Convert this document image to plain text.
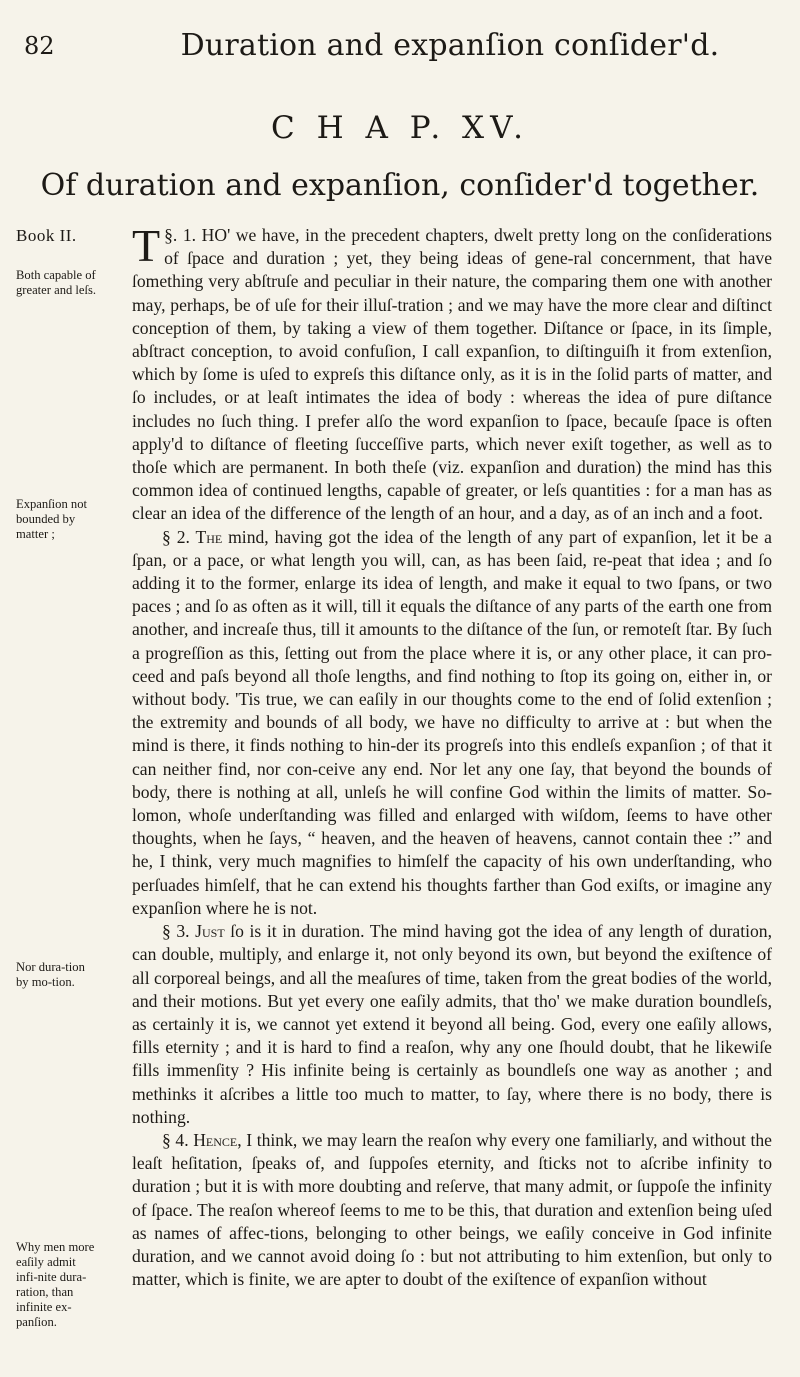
82	Duration and expanſion conſider'd.
C H A P. XV.
Of duration and expanſion, conſider'd together.
Book II.
Both capable of greater and leſs.
Expanſion not bounded by matter ;
Nor dura-tion by mo-tion.
Why men more eaſily admit infi-nite dura-ration, than infinite ex-panſion.

§. 1.
T HO' we have, in the precedent chapters, dwelt pretty long on the conſiderations of ſpace and duration ; yet, they being ideas of gene-ral concernment, that have ſomething very abſtruſe and peculiar in their nature, the comparing them one with another may, perhaps, be of uſe for their illuſ-tration ; and we may have the more clear and diſtinct conception of them, by taking a view of them together. Diſtance or ſpace, in its ſimple, abſtract conception, to avoid confuſion, I call expanſion, to diſtinguiſh it from extenſion, which by ſome is uſed to expreſs this diſtance only, as it is in the ſolid parts of matter, and ſo includes, or at leaſt intimates the idea of body : whereas the idea of pure diſtance includes no ſuch thing. I prefer alſo the word expanſion to ſpace, becauſe ſpace is often apply'd to diſtance of fleeting ſucceſſive parts, which never exiſt together, as well as to thoſe which are permanent. In both theſe (viz. expanſion and duration) the mind has this common idea of continued lengths, capable of greater, or leſs quantities : for a man has as clear an idea of the difference of the length of an hour, and a day, as of an inch and a foot.

§ 2. The mind, having got the idea of the length of any part of expanſion, let it be a ſpan, or a pace, or what length you will, can, as has been ſaid, re-peat that idea ; and ſo adding it to the former, enlarge its idea of length, and make it equal to two ſpans, or two paces ; and ſo as often as it will, till it equals the diſtance of any parts of the earth one from another, and increaſe thus, till it amounts to the diſtance of the ſun, or remoteſt ſtar. By ſuch a progreſſion as this, ſetting out from the place where it is, or any other place, it can pro-ceed and paſs beyond all thoſe lengths, and find nothing to ſtop its going on, either in, or without body. 'Tis true, we can eaſily in our thoughts come to the end of ſolid extenſion ; the extremity and bounds of all body, we have no difficulty to arrive at : but when the mind is there, it finds nothing to hin-der its progreſs into this endleſs expanſion ; of that it can neither find, nor con-ceive any end. Nor let any one ſay, that beyond the bounds of body, there is nothing at all, unleſs he will confine God within the limits of matter. So-lomon, whoſe underſtanding was filled and enlarged with wiſdom, ſeems to have other thoughts, when he ſays, “ heaven, and the heaven of heavens, cannot contain thee :” and he, I think, very much magnifies to himſelf the capacity of his own underſtanding, who perſuades himſelf, that he can extend his thoughts farther than God exiſts, or imagine any expanſion where he is not.

§ 3. Just ſo is it in duration. The mind having got the idea of any length of duration, can double, multiply, and enlarge it, not only beyond its own, but beyond the exiſtence of all corporeal beings, and all the meaſures of time, taken from the great bodies of the world, and their motions. But yet every one eaſily admits, that tho' we make duration boundleſs, as certainly it is, we cannot yet extend it beyond all being. God, every one eaſily allows, fills eternity ; and it is hard to find a reaſon, why any one ſhould doubt, that he likewiſe fills immenſity ? His infinite being is certainly as boundleſs one way as another ; and methinks it aſcribes a little too much to matter, to ſay, where there is no body, there is nothing.

§ 4. Hence, I think, we may learn the reaſon why every one familiarly, and without the leaſt heſitation, ſpeaks of, and ſuppoſes eternity, and ſticks not to aſcribe infinity to duration ; but it is with more doubting and reſerve, that many admit, or ſuppoſe the infinity of ſpace. The reaſon whereof ſeems to me to be this, that duration and extenſion being uſed as names of affec-tions, belonging to other beings, we eaſily conceive in God infinite duration, and we cannot avoid doing ſo : but not attributing to him extenſion, but only to matter, which is finite, we are apter to doubt of the exiſtence of expanſion without
